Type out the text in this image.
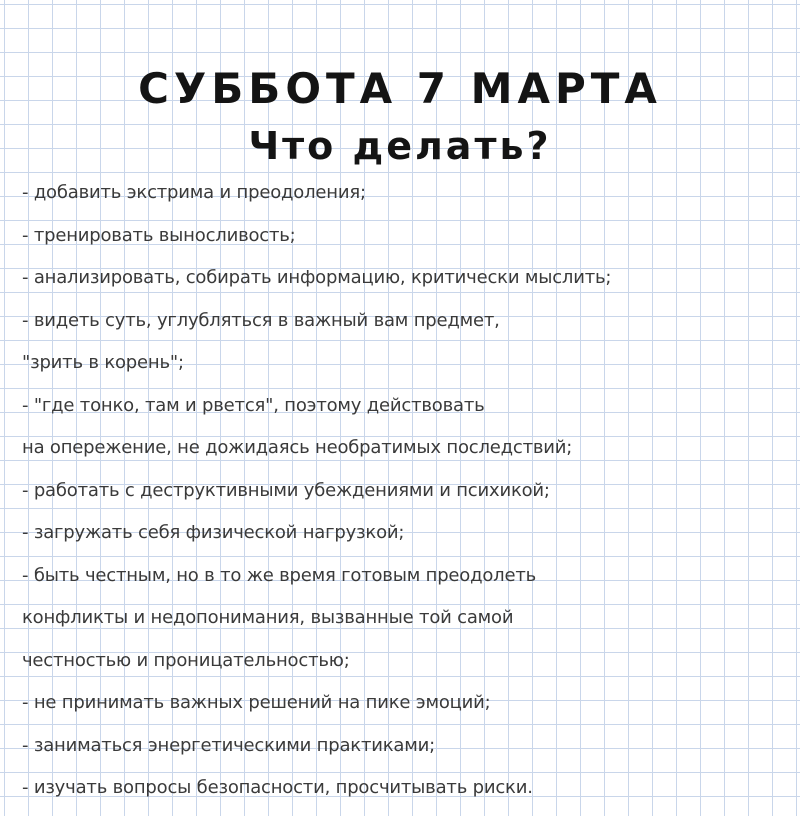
СУББОТА 7 МАРТА
Что делать?
- добавить экстрима и преодоления;
- тренировать выносливость;
- анализировать, собирать информацию, критически мыслить;
- видеть суть, углубляться в важный вам предмет,
"зрить в корень";
- "где тонко, там и рвется", поэтому действовать
на опережение, не дожидаясь необратимых последствий;
- работать с деструктивными убеждениями и психикой;
- загружать себя физической нагрузкой;
- быть честным, но в то же время готовым преодолеть
конфликты и недопонимания, вызванные той самой
честностью и проницательностью;
- не принимать важных решений на пике эмоций;
- заниматься энергетическими практиками;
- изучать вопросы безопасности, просчитывать риски.
